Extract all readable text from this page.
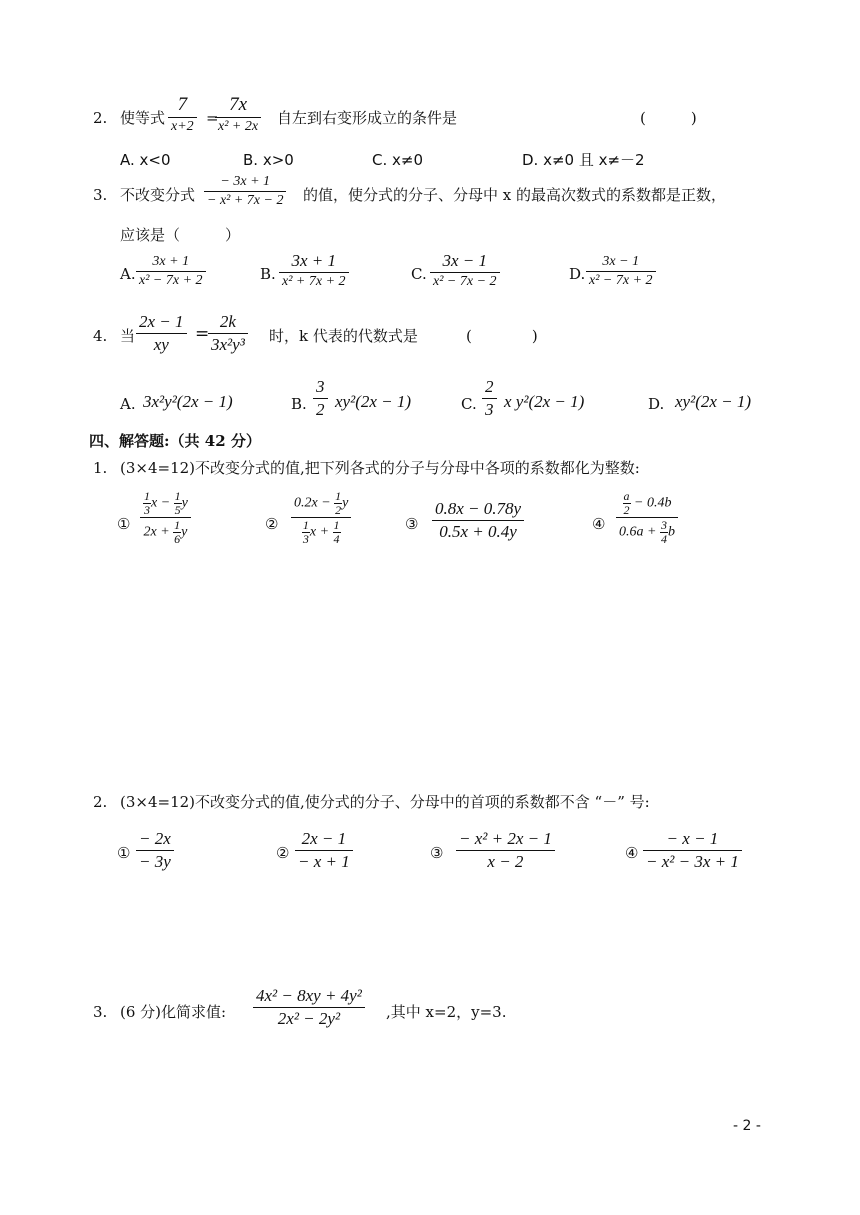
2. 使等式
7
x+2 =
7x
x² + 2x 自左到右变形成立的条件是	(　　　)
A. x<0	B. x>0	C. x≠0	D. x≠0 且 x≠－2
3. 不改变分式
− 3x + 1
− x² + 7x − 2 的值，使分式的分子、分母中 x 的最高次数式的系数都是正数，
应该是（　　　）
A.
3x + 1
x² − 7x + 2	B.
3x + 1
x² + 7x + 2	C.
3x − 1
x² − 7x − 2	D.
3x − 1
x² − 7x + 2
4. 当
2x − 1
xy
=
2k
3x²y³ 时，k 代表的代数式是	(　　　　)
A. 3x²y²(2x − 1)	B.
3
2 xy²(2x − 1)	C.
2
3 x y²(2x − 1)	D. xy²(2x − 1)
四、解答题:（共 42 分）
1. (3×4=12)不改变分式的值,把下列各式的分子与分母中各项的系数都化为整数:
①
$\frac{1}{3}$ $x - \frac{1}{5}$ y
$2x + \frac{1}{6}$ y	②
$0.2x - \frac{1}{2}$ y
$\frac{1}{3}$ $x + \frac{1}{4}$	③
0.8x − 0.78y
0.5x + 0.4y	④
$\frac{a}{2} - 0.4b$
$0.6a + \frac{3}{4}$ b
2. (3×4=12)不改变分式的值,使分式的分子、分母中的首项的系数都不含 “－” 号:
①
− 2x
− 3y	②
2x − 1
− x + 1	③
− x² + 2x − 1
x − 2	④
− x − 1
− x² − 3x + 1
3. (6 分)化简求值:
4x² − 8xy + 4y²
2x² − 2y²	,其中 x=2，y=3.
- 2 -
